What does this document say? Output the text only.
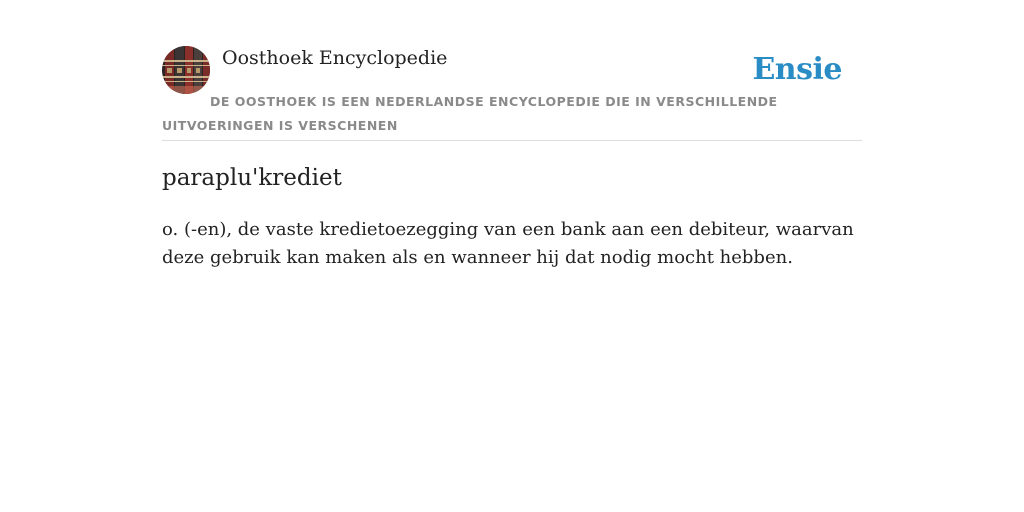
Oosthoek Encyclopedie	Ensie
DE OOSTHOEK IS EEN NEDERLANDSE ENCYCLOPEDIE DIE IN VERSCHILLENDE UITVOERINGEN IS VERSCHENEN
paraplu'krediet

o. (-en), de vaste kredietoezegging van een bank aan een debiteur, waarvan deze gebruik kan maken als en wanneer hij dat nodig mocht hebben.
